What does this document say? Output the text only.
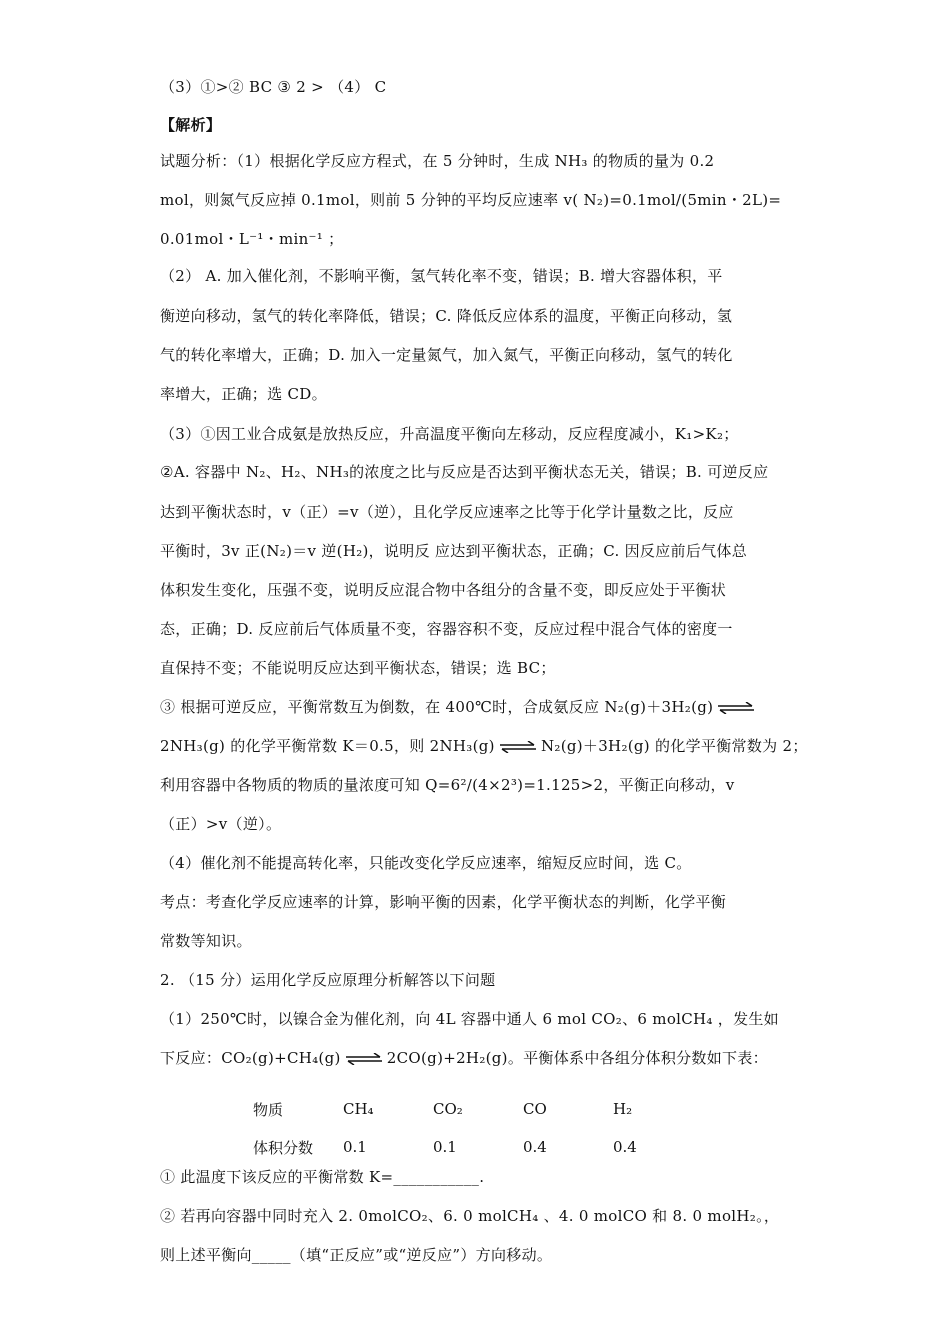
（3）①>② BC ③ 2 > （4） C
【解析】
试题分析：（1）根据化学反应方程式，在 5 分钟时，生成 NH₃ 的物质的量为 0.2
mol，则氮气反应掉 0.1mol，则前 5 分钟的平均反应速率 v( N₂)=0.1mol/(5min・2L)=
0.01mol・L⁻¹・min⁻¹ ；
（2） A. 加入催化剂，不影响平衡，氢气转化率不变，错误；B. 增大容器体积，平
衡逆向移动，氢气的转化率降低，错误；C. 降低反应体系的温度，平衡正向移动，氢
气的转化率增大，正确；D. 加入一定量氮气，加入氮气，平衡正向移动，氢气的转化
率增大，正确；选 CD。
（3）①因工业合成氨是放热反应，升高温度平衡向左移动，反应程度减小，K₁>K₂；
②A. 容器中 N₂、H₂、NH₃的浓度之比与反应是否达到平衡状态无关，错误；B. 可逆反应
达到平衡状态时，v（正）=v（逆），且化学反应速率之比等于化学计量数之比，反应
平衡时，3v 正(N₂)＝v 逆(H₂)，说明反 应达到平衡状态，正确；C. 因反应前后气体总
体积发生变化，压强不变，说明反应混合物中各组分的含量不变，即反应处于平衡状
态，正确；D. 反应前后气体质量不变，容器容积不变，反应过程中混合气体的密度一
直保持不变；不能说明反应达到平衡状态，错误；选 BC；
③ 根据可逆反应，平衡常数互为倒数，在 400℃时，合成氨反应 N₂(g)＋3H₂(g) ⇌
2NH₃(g) 的化学平衡常数 K＝0.5，则 2NH₃(g) ⇌ N₂(g)＋3H₂(g) 的化学平衡常数为 2；
利用容器中各物质的物质的量浓度可知 Q=6²/(4×2³)=1.125>2，平衡正向移动，v
（正）>v（逆）。
（4）催化剂不能提高转化率，只能改变化学反应速率，缩短反应时间，选 C。
考点：考查化学反应速率的计算，影响平衡的因素，化学平衡状态的判断，化学平衡
常数等知识。
2. （15 分）运用化学反应原理分析解答以下问题
（1）250℃时，以镍合金为催化剂，向 4L 容器中通人 6 mol CO₂、6 molCH₄ ，发生如
下反应：CO₂(g)+CH₄(g) ⇌ 2CO(g)+2H₂(g)。平衡体系中各组分体积分数如下表：
物质	CH₄	CO₂	CO	H₂
体积分数	0.1	0.1	0.4	0.4
① 此温度下该反应的平衡常数 K=___________.
② 若再向容器中同时充入 2. 0molCO₂、6. 0 molCH₄ 、4. 0 molCO 和 8. 0 molH₂。，
则上述平衡向_____（填“正反应”或“逆反应”）方向移动。
